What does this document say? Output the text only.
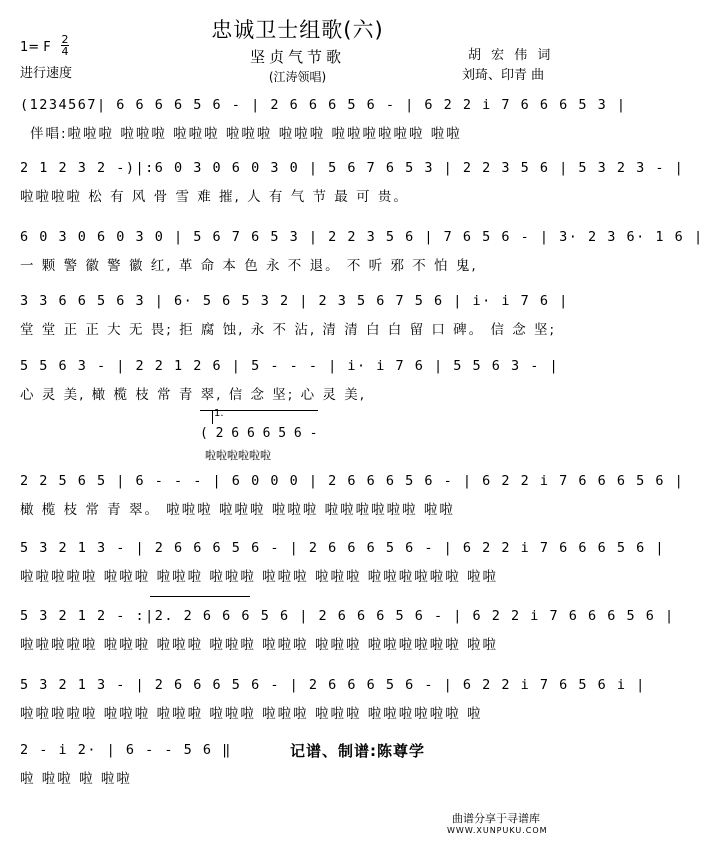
忠诚卫士组歌(六)
坚贞气节歌
(江涛领唱)
1= F
2
4
进行速度
胡 宏 伟 词
刘琦、印青 曲
(1234567| 6 6 6 6 5 6 - | 2 6 6 6 5 6 - | 6 2 2 i 7 6 6 6 5 3 |
伴唱:啦啦啦 啦啦啦 啦啦啦 啦啦啦 啦啦啦 啦啦啦啦啦啦 啦啦
2 1 2 3 2 -)|:6 0 3 0 6 0 3 0 | 5 6 7 6 5 3 | 2 2 3 5 6 | 5 3 2 3 - |
啦啦啦啦 松 有 风 骨 雪 难 摧, 人 有 气 节 最 可 贵。
6 0 3 0 6 0 3 0 | 5 6 7 6 5 3 | 2 2 3 5 6 | 7 6 5 6 - | 3· 2 3 6· 1 6 |
一 颗 警 徽 警 徽 红, 革 命 本 色 永 不 退。 不 听 邪 不 怕 鬼,
3 3 6 6 5 6 3 | 6· 5 6 5 3 2 | 2 3 5 6 7 5 6 | i· i 7 6 |
堂 堂 正 正 大 无 畏; 拒 腐 蚀, 永 不 沾, 清 清 白 白 留 口 碑。 信 念 坚;
5 5 6 3 - | 2 2 1 2 6 | 5 - - - | i· i 7 6 | 5 5 6 3 - |
心 灵 美, 橄 榄 枝 常 青 翠, 信 念 坚; 心 灵 美,
1.
( 2 6 6 6 5 6 -
啦啦啦啦啦啦
2 2 5 6 5 | 6 - - - | 6 0 0 0 | 2 6 6 6 5 6 - | 6 2 2 i 7 6 6 6 5 6 |
橄 榄 枝 常 青 翠。 啦啦啦 啦啦啦 啦啦啦 啦啦啦啦啦啦 啦啦
5 3 2 1 3 - | 2 6 6 6 5 6 - | 2 6 6 6 5 6 - | 6 2 2 i 7 6 6 6 5 6 |
啦啦啦啦啦 啦啦啦 啦啦啦 啦啦啦 啦啦啦 啦啦啦 啦啦啦啦啦啦 啦啦
5 3 2 1 2 - :|2. 2 6 6 6 5 6 | 2 6 6 6 5 6 - | 6 2 2 i 7 6 6 6 5 6 |
啦啦啦啦啦 啦啦啦 啦啦啦 啦啦啦 啦啦啦 啦啦啦 啦啦啦啦啦啦 啦啦
5 3 2 1 3 - | 2 6 6 6 5 6 - | 2 6 6 6 5 6 - | 6 2 2 i 7 6 5 6 i |
啦啦啦啦啦 啦啦啦 啦啦啦 啦啦啦 啦啦啦 啦啦啦 啦啦啦啦啦啦 啦
2 - i 2· | 6 - - 5 6 ‖
啦 啦啦 啦 啦啦
记谱、制谱:陈尊学
曲谱分享于寻谱库
WWW.XUNPUKU.COM
